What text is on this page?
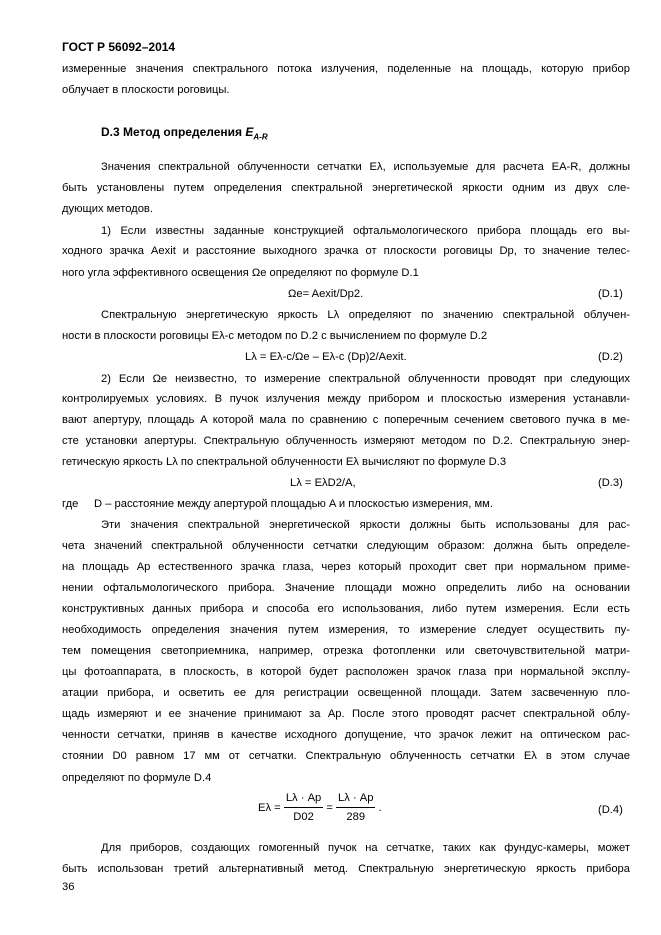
ГОСТ Р 56092–2014
измеренные значения спектрального потока излучения, поделенные на площадь, которую прибор
облучает в плоскости роговицы.
D.3 Метод определения $E_{A-R}$
Значения спектральной облученности сетчатки Eλ, используемые для расчета EA-R, должны
быть установлены путем определения спектральной энергетической яркости одним из двух сле-
дующих методов.
1) Если известны заданные конструкцией офтальмологического прибора площадь его вы-
ходного зрачка Aexit и расстояние выходного зрачка от плоскости роговицы Dp, то значение телес-
ного угла эффективного освещения Ωe определяют по формуле D.1
Ωe= Aexit/Dp2.	(D.1)
Спектральную энергетическую яркость Lλ определяют по значению спектральной облучен-
ности в плоскости роговицы Eλ-c методом по D.2 с вычислением по формуле D.2
Lλ = Eλ-c/Ωe – Eλ-c (Dp)2/Aexit.	(D.2)
2) Если Ωe неизвестно, то измерение спектральной облученности проводят при следующих
контролируемых условиях. В пучок излучения между прибором и плоскостью измерения устанавли-
вают апертуру, площадь A которой мала по сравнению с поперечным сечением светового пучка в ме-
сте установки апертуры. Спектральную облученность измеряют методом по D.2. Спектральную энер-
гетическую яркость Lλ по спектральной облученности Eλ вычисляют по формуле D.3
Lλ = EλD2/A,	(D.3)
где D – расстояние между апертурой площадью A и плоскостью измерения, мм.
Эти значения спектральной энергетической яркости должны быть использованы для рас-
чета значений спектральной облученности сетчатки следующим образом: должна быть определе-
на площадь Ap естественного зрачка глаза, через который проходит свет при нормальном приме-
нении офтальмологического прибора. Значение площади можно определить либо на основании
конструктивных данных прибора и способа его использования, либо путем измерения. Если есть
необходимость определения значения путем измерения, то измерение следует осуществить пу-
тем помещения светоприемника, например, отрезка фотопленки или светочувствительной матри-
цы фотоаппарата, в плоскость, в которой будет расположен зрачок глаза при нормальной эксплу-
атации прибора, и осветить ее для регистрации освещенной площади. Затем засвеченную пло-
щадь измеряют и ее значение принимают за Ap. После этого проводят расчет спектральной облу-
ченности сетчатки, приняв в качестве исходного допущение, что зрачок лежит на оптическом рас-
стоянии D0 равном 17 мм от сетчатки. Спектральную облученность сетчатки Eλ в этом случае
определяют по формуле D.4
$E\lambda = \frac{L\lambda \cdot Ap}{D02} = \frac{L\lambda \cdot Ap}{289}$ .	(D.4)
Для приборов, создающих гомогенный пучок на сетчатке, таких как фундус-камеры, может
быть использован третий альтернативный метод. Спектральную энергетическую яркость прибора
36
